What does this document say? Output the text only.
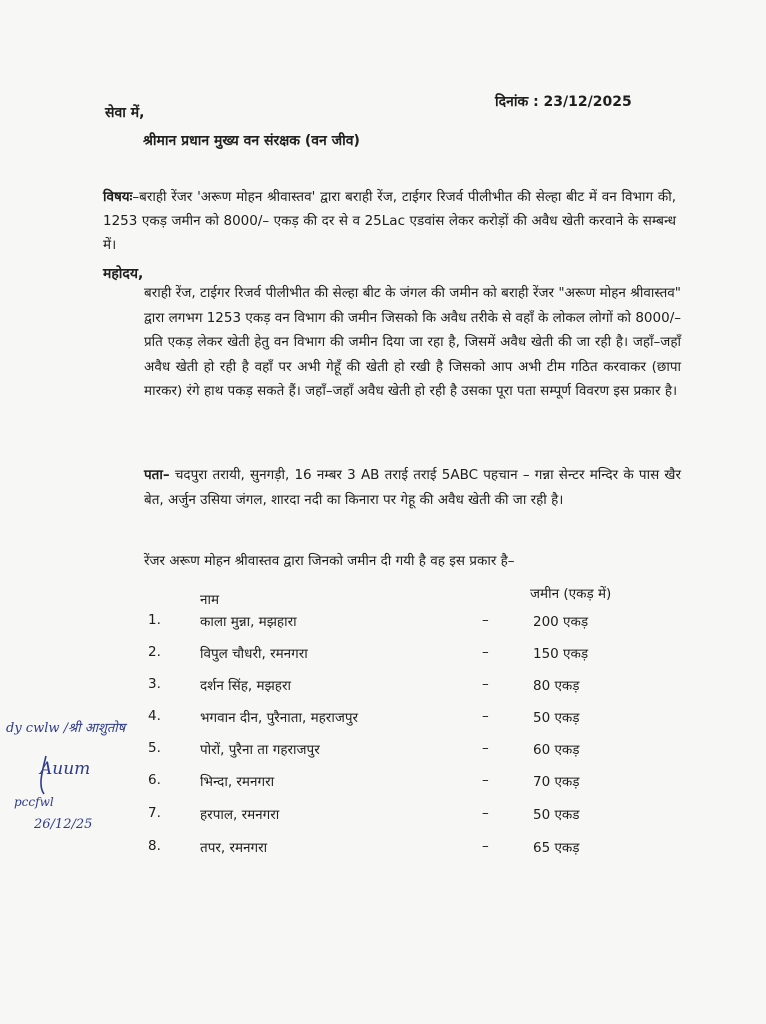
दिनांक : 23/12/2025
सेवा में,
श्रीमान प्रधान मुख्य वन संरक्षक (वन जीव)
विषयः–बराही रेंजर 'अरूण मोहन श्रीवास्तव' द्वारा बराही रेंज, टाईगर रिजर्व पीलीभीत की सेल्हा बीट में वन विभाग की, 1253 एकड़ जमीन को 8000/– एकड़ की दर से व 25Lac एडवांस लेकर करोड़ों की अवैध खेती करवाने के सम्बन्ध में।
महोदय,
बराही रेंज, टाईगर रिजर्व पीलीभीत की सेल्हा बीट के जंगल की जमीन को बराही रेंजर "अरूण मोहन श्रीवास्तव" द्वारा लगभग 1253 एकड़ वन विभाग की जमीन जिसको कि अवैध तरीके से वहाँ के लोकल लोगों को 8000/– प्रति एकड़ लेकर खेती हेतु वन विभाग की जमीन दिया जा रहा है, जिसमें अवैध खेती की जा रही है। जहाँ–जहाँ अवैध खेती हो रही है वहाँ पर अभी गेहूँ की खेती हो रखी है जिसको आप अभी टीम गठित करवाकर (छापा मारकर) रंगे हाथ पकड़ सकते हैं। जहाँ–जहाँ अवैध खेती हो रही है उसका पूरा पता सम्पूर्ण विवरण इस प्रकार है।
पता– चदपुरा तरायी, सुनगड़ी, 16 नम्बर 3 AB तराई तराई 5ABC पहचान – गन्ना सेन्टर मन्दिर के पास खैर बेत, अर्जुन उसिया जंगल, शारदा नदी का किनारा पर गेहू की अवैध खेती की जा रही है।
रेंजर अरूण मोहन श्रीवास्तव द्वारा जिनको जमीन दी गयी है वह इस प्रकार है–
नाम	जमीन (एकड़ में)
1.	काला मुन्ना, मझहारा	–	200 एकड़
2.	विपुल चौधरी, रमनगरा	–	150 एकड़
3.	दर्शन सिंह, मझहरा	–	80 एकड़
4.	भगवान दीन, पुरैनाता, महराजपुर	–	50 एकड़
5.	पोरों, पुरैना ता गहराजपुर	–	60 एकड़
6.	भिन्दा, रमनगरा	–	70 एकड़
7.	हरपाल, रमनगरा	–	50 एकड
8.	तपर, रमनगरा	–	65 एकड़
dy cwlw /श्री आशुतोष
Auum
pccfwl
26/12/25
